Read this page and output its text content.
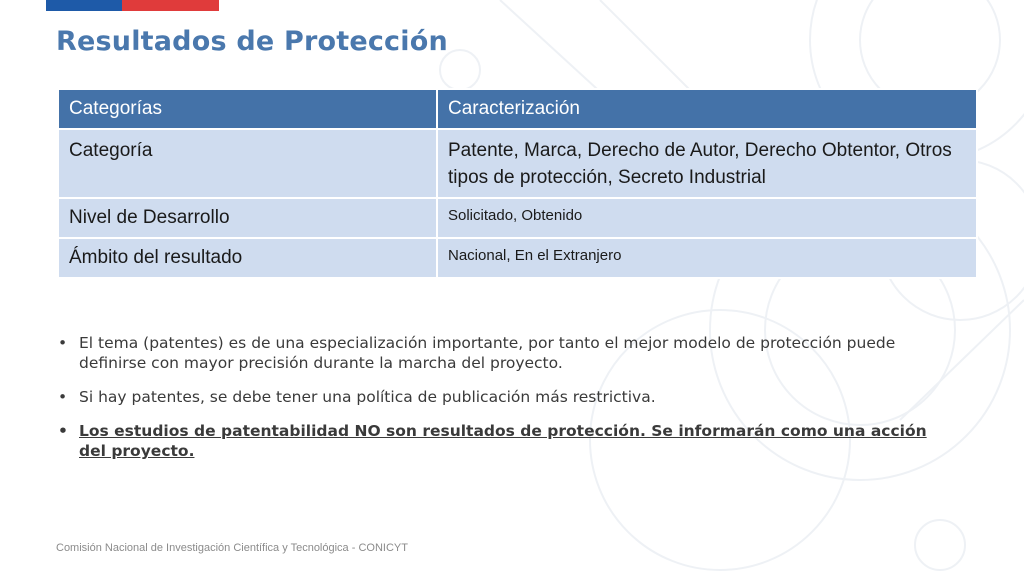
Resultados de Protección
Categorías	Caracterización
Categoría	Patente, Marca, Derecho de Autor, Derecho Obtentor, Otros tipos de protección, Secreto Industrial
Nivel de Desarrollo	Solicitado, Obtenido
Ámbito del resultado	Nacional, En el Extranjero
• El tema (patentes) es de una especialización importante, por tanto el mejor modelo de protección puede definirse con mayor precisión durante la marcha del proyecto.
• Si hay patentes, se debe tener una política de publicación más restrictiva.
• Los estudios de patentabilidad NO son resultados de protección. Se informarán como una acción del proyecto.
Comisión Nacional de Investigación Científica y Tecnológica - CONICYT
